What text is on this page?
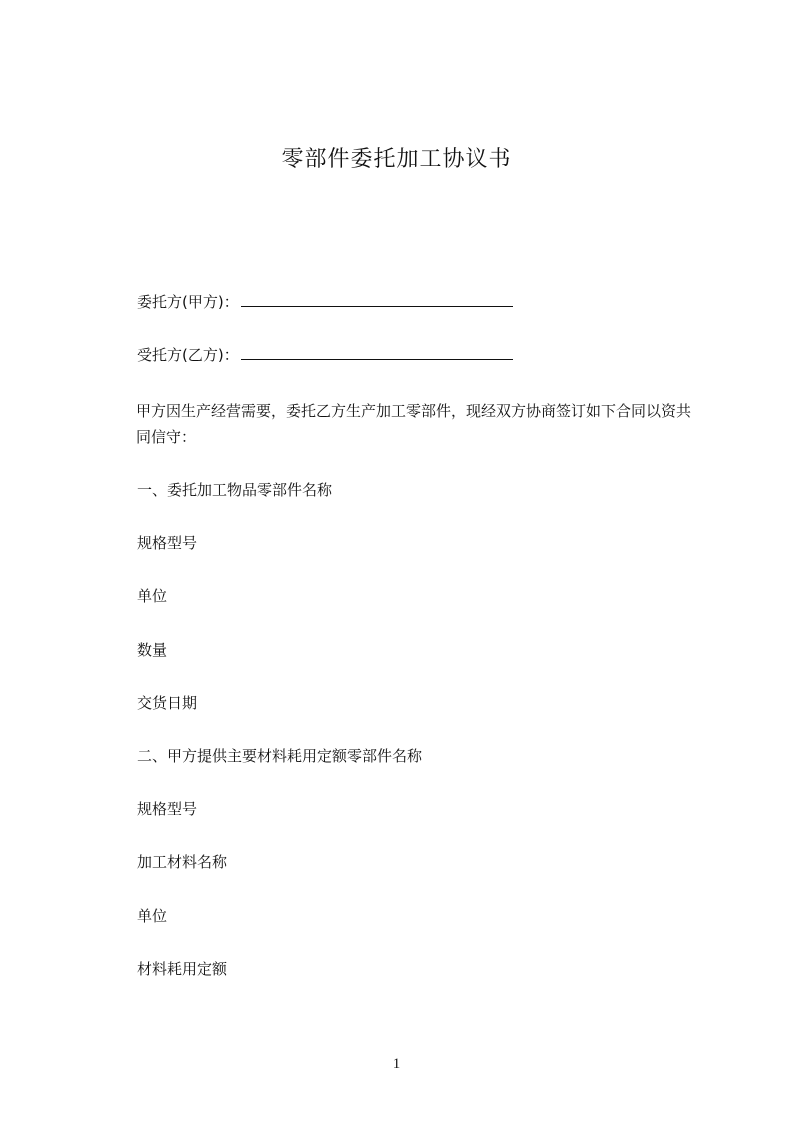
零部件委托加工协议书
委托方(甲方)：
受托方(乙方)：
甲方因生产经营需要，委托乙方生产加工零部件，现经双方协商签订如下合同以资共同信守：
一、委托加工物品零部件名称
规格型号
单位
数量
交货日期
二、甲方提供主要材料耗用定额零部件名称
规格型号
加工材料名称
单位
材料耗用定额
1
